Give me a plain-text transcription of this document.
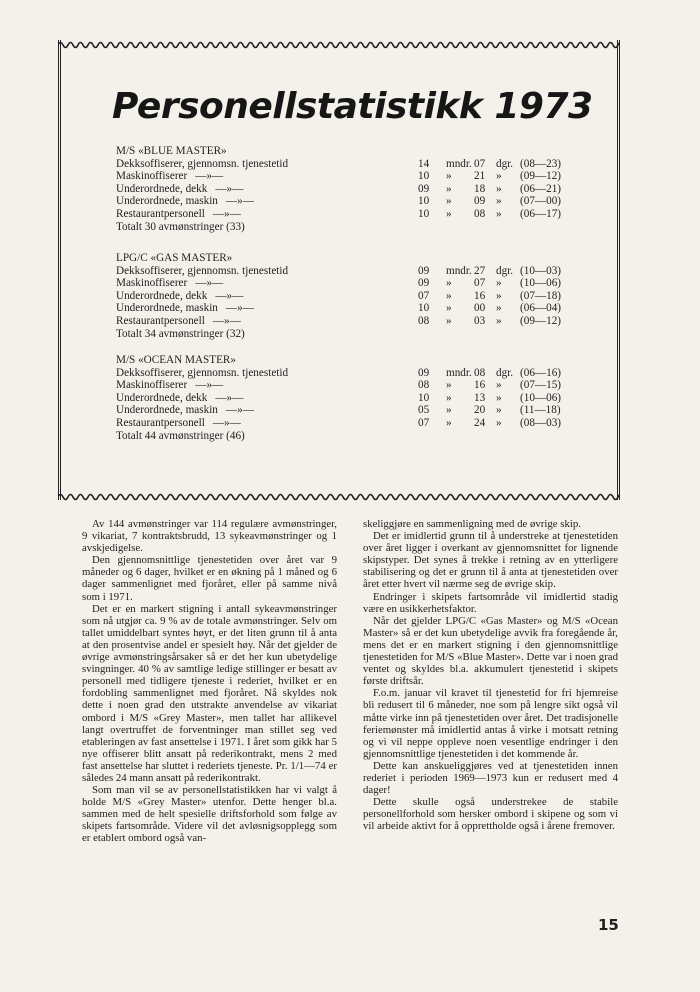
Personellstatistikk 1973
M/S «BLUE MASTER»
Dekksoffiserer, gjennomsn. tjenestetid	14	mndr. 07 dgr. (08—23)
Maskinoffiserer —»—	10	»	21 »	(09—12)
Underordnede, dekk —»—	09	»	18 »	(06—21)
Underordnede, maskin —»—	10	»	09 »	(07—00)
Restaurantpersonell —»—	10	»	08 »	(06—17)
Totalt 30 avmønstringer (33)
LPG/C «GAS MASTER»
Dekksoffiserer, gjennomsn. tjenestetid	09	mndr. 27 dgr. (10—03)
Maskinoffiserer —»—	09	»	07 »	(10—06)
Underordnede, dekk —»—	07	»	16 »	(07—18)
Underordnede, maskin —»—	10	»	00 »	(06—04)
Restaurantpersonell —»—	08	»	03 »	(09—12)
Totalt 34 avmønstringer (32)
M/S «OCEAN MASTER»
Dekksoffiserer, gjennomsn. tjenestetid	09	mndr. 08 dgr. (06—16)
Maskinoffiserer —»—	08	»	16 »	(07—15)
Underordnede, dekk —»—	10	»	13 »	(10—06)
Underordnede, maskin —»—	05	»	20 »	(11—18)
Restaurantpersonell —»—	07	»	24 »	(08—03)
Totalt 44 avmønstringer (46)

Av 144 avmønstringer var 114 regulære avmønstringer, 9 vikariat, 7 kontraktsbrudd, 13 sykeavmønstringer og 1 avskjedigelse.

Den gjennomsnittlige tjenestetiden over året var 9 måneder og 6 dager, hvilket er en økning på 1 måned og 6 dager sammenlignet med fjoråret, eller på samme nivå som i 1971.

Det er en markert stigning i antall sykeavmønstringer som nå utgjør ca. 9 % av de totale avmønstringer. Selv om tallet umiddelbart syntes høyt, er det liten grunn til å anta at den prosentvise andel er spesielt høy. Når det gjelder de øvrige avmønstringsårsaker så er det her kun ubetydelige svingninger. 40 % av samtlige ledige stillinger er besatt av personell med tidligere tjeneste i rederiet, hvilket er en fordobling sammenlignet med fjoråret. Nå skyldes nok dette i noen grad den utstrakte anvendelse av vikariat ombord i M/S «Grey Master», men tallet har allikevel langt overtruffet de forventninger man stillet seg ved etableringen av fast ansettelse i 1971. I året som gikk har 5 nye offiserer blitt ansatt på rederikontrakt, mens 2 med fast ansettelse har sluttet i rederiets tjeneste. Pr. 1/1—74 er således 24 mann ansatt på rederikontrakt.

Som man vil se av personellstatistikken har vi valgt å holde M/S «Grey Master» utenfor. Dette henger bl.a. sammen med de helt spesielle driftsforhold som følge av skipets fartsområde. Videre vil det avløsnigsopplegg som er etablert ombord også van-

skeliggjøre en sammenligning med de øvrige skip.

Det er imidlertid grunn til å understreke at tjenestetiden over året ligger i overkant av gjennomsnittet for lignende skipstyper. Det synes å trekke i retning av en ytterligere stabilisering og det er grunn til å anta at tjenestetiden over året etter hvert vil nærme seg de øvrige skip.

Endringer i skipets fartsområde vil imidlertid stadig være en usikkerhetsfaktor.

Når det gjelder LPG/C «Gas Master» og M/S «Ocean Master» så er det kun ubetydelige avvik fra foregående år, mens det er en markert stigning i den gjennomsnittlige tjenestetiden for M/S «Blue Master». Dette var i noen grad ventet og skyldes bl.a. akkumulert tjenestetid i skipets første driftsår.

F.o.m. januar vil kravet til tjenestetid for fri hjemreise bli redusert til 6 måneder, noe som på lengre sikt også vil måtte virke inn på tjenestetiden over året. Det tradisjonelle feriemønster må imidlertid antas å virke i motsatt retning og vi vil neppe oppleve noen vesentlige endringer i den gjennomsnittlige tjenestetiden i det kommende år.

Dette kan anskueliggjøres ved at tjenestetiden innen rederiet i perioden 1969—1973 kun er redusert med 4 dager!

Dette skulle også understrekee de stabile personellforhold som hersker ombord i skipene og som vi vil arbeide aktivt for å opprettholde også i årene fremover.

15
